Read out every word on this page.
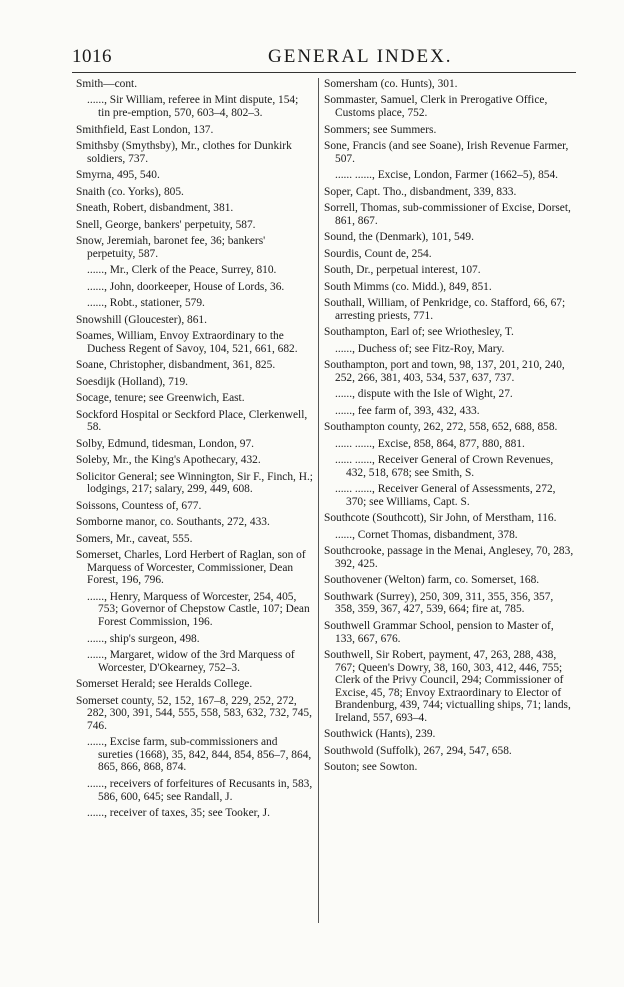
1016	GENERAL INDEX.

Smith—cont.

......, Sir William, referee in Mint dispute, 154; tin pre-emption, 570, 603–4, 802–3.

Smithfield, East London, 137.

Smithsby (Smythsby), Mr., clothes for Dunkirk soldiers, 737.

Smyrna, 495, 540.

Snaith (co. Yorks), 805.

Sneath, Robert, disbandment, 381.

Snell, George, bankers' perpetuity, 587.

Snow, Jeremiah, baronet fee, 36; bankers' perpetuity, 587.

......, Mr., Clerk of the Peace, Surrey, 810.

......, John, doorkeeper, House of Lords, 36.

......, Robt., stationer, 579.

Snowshill (Gloucester), 861.

Soames, William, Envoy Extraordinary to the Duchess Regent of Savoy, 104, 521, 661, 682.

Soane, Christopher, disbandment, 361, 825.

Soesdijk (Holland), 719.

Socage, tenure; see Greenwich, East.

Sockford Hospital or Seckford Place, Clerkenwell, 58.

Solby, Edmund, tidesman, London, 97.

Soleby, Mr., the King's Apothecary, 432.

Solicitor General; see Winnington, Sir F., Finch, H.; lodgings, 217; salary, 299, 449, 608.

Soissons, Countess of, 677.

Somborne manor, co. Southants, 272, 433.

Somers, Mr., caveat, 555.

Somerset, Charles, Lord Herbert of Raglan, son of Marquess of Worcester, Commissioner, Dean Forest, 196, 796.

......, Henry, Marquess of Worcester, 254, 405, 753; Governor of Chepstow Castle, 107; Dean Forest Commission, 196.

......, ship's surgeon, 498.

......, Margaret, widow of the 3rd Marquess of Worcester, D'Okearney, 752–3.

Somerset Herald; see Heralds College.

Somerset county, 52, 152, 167–8, 229, 252, 272, 282, 300, 391, 544, 555, 558, 583, 632, 732, 745, 746.

......, Excise farm, sub-commissioners and sureties (1668), 35, 842, 844, 854, 856–7, 864, 865, 866, 868, 874.

......, receivers of forfeitures of Recusants in, 583, 586, 600, 645; see Randall, J.

......, receiver of taxes, 35; see Tooker, J.

Somersham (co. Hunts), 301.

Sommaster, Samuel, Clerk in Prerogative Office, Customs place, 752.

Sommers; see Summers.

Sone, Francis (and see Soane), Irish Revenue Farmer, 507.

...... ......, Excise, London, Farmer (1662–5), 854.

Soper, Capt. Tho., disbandment, 339, 833.

Sorrell, Thomas, sub-commissioner of Excise, Dorset, 861, 867.

Sound, the (Denmark), 101, 549.

Sourdis, Count de, 254.

South, Dr., perpetual interest, 107.

South Mimms (co. Midd.), 849, 851.

Southall, William, of Penkridge, co. Stafford, 66, 67; arresting priests, 771.

Southampton, Earl of; see Wriothesley, T.

......, Duchess of; see Fitz-Roy, Mary.

Southampton, port and town, 98, 137, 201, 210, 240, 252, 266, 381, 403, 534, 537, 637, 737.

......, dispute with the Isle of Wight, 27.

......, fee farm of, 393, 432, 433.

Southampton county, 262, 272, 558, 652, 688, 858.

...... ......, Excise, 858, 864, 877, 880, 881.

...... ......, Receiver General of Crown Revenues, 432, 518, 678; see Smith, S.

...... ......, Receiver General of Assessments, 272, 370; see Williams, Capt. S.

Southcote (Southcott), Sir John, of Merstham, 116.

......, Cornet Thomas, disbandment, 378.

Southcrooke, passage in the Menai, Anglesey, 70, 283, 392, 425.

Southovener (Welton) farm, co. Somerset, 168.

Southwark (Surrey), 250, 309, 311, 355, 356, 357, 358, 359, 367, 427, 539, 664; fire at, 785.

Southwell Grammar School, pension to Master of, 133, 667, 676.

Southwell, Sir Robert, payment, 47, 263, 288, 438, 767; Queen's Dowry, 38, 160, 303, 412, 446, 755; Clerk of the Privy Council, 294; Commissioner of Excise, 45, 78; Envoy Extraordinary to Elector of Brandenburg, 439, 744; victualling ships, 71; lands, Ireland, 557, 693–4.

Southwick (Hants), 239.

Southwold (Suffolk), 267, 294, 547, 658.

Souton; see Sowton.
